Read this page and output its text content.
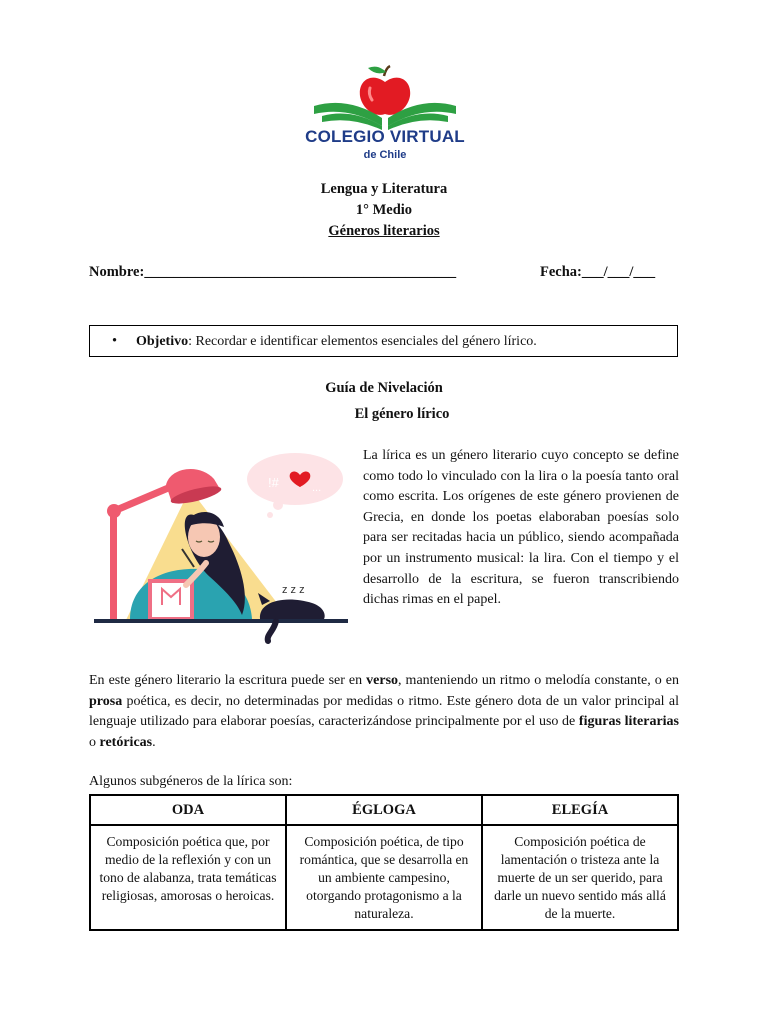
COLEGIO VIRTUAL
de Chile
Lengua y Literatura
1° Medio
Géneros literarios
Nombre:___________________________________________	Fecha:___/___/___
• Objetivo: Recordar e identificar elementos esenciales del género lírico.
Guía de Nivelación
El género lírico
!#	...
z z z
La lírica es un género literario cuyo concepto se define como todo lo vinculado con la lira o la poesía tanto oral como escrita. Los orígenes de este género provienen de Grecia, en donde los poetas elaboraban poesías solo para ser recitadas hacia un público, siendo acompañada por un instrumento musical: la lira. Con el tiempo y el desarrollo de la escritura, se fueron transcribiendo dichas rimas en el papel.
En este género literario la escritura puede ser en verso, manteniendo un ritmo o melodía constante, o en prosa poética, es decir, no determinadas por medidas o ritmo. Este género dota de un valor principal al lenguaje utilizado para elaborar poesías, caracterizándose principalmente por el uso de figuras literarias o retóricas.
Algunos subgéneros de la lírica son:
ODA	ÉGLOGA	ELEGÍA
Composición poética que, por medio de la reflexión y con un tono de alabanza, trata temáticas religiosas, amorosas o heroicas.	Composición poética, de tipo romántica, que se desarrolla en un ambiente campesino, otorgando protagonismo a la naturaleza.	Composición poética de lamentación o tristeza ante la muerte de un ser querido, para darle un nuevo sentido más allá de la muerte.
